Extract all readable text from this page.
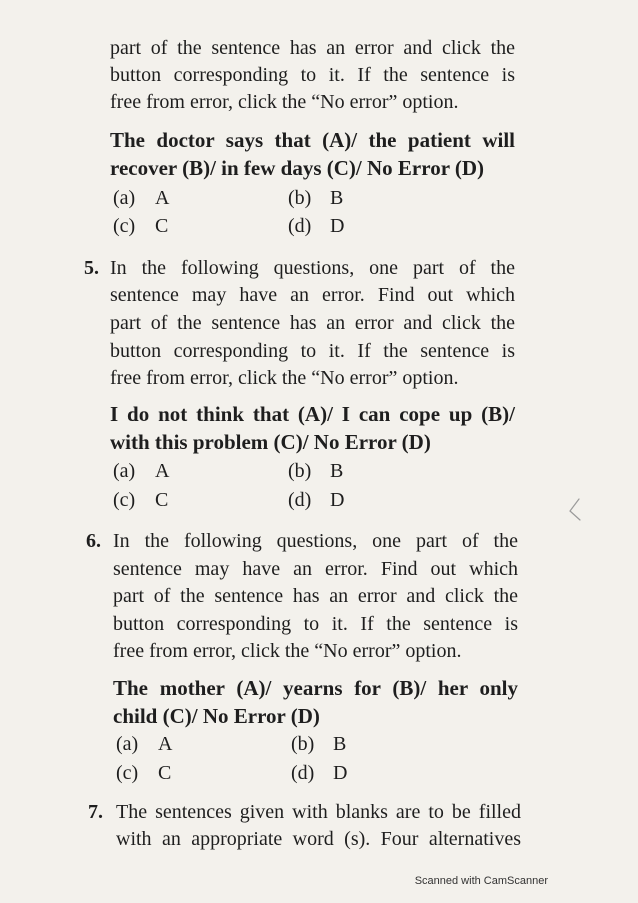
part of the sentence has an error and click the
button corresponding to it. If the sentence is
free from error, click the “No error” option.
The doctor says that (A)/ the patient will
recover (B)/ in few days (C)/ No Error (D)
(a) A	(b) B
(c) C	(d) D
5. In the following questions, one part of the
sentence may have an error. Find out which
part of the sentence has an error and click the
button corresponding to it. If the sentence is
free from error, click the “No error” option.
I do not think that (A)/ I can cope up (B)/
with this problem (C)/ No Error (D)
(a) A	(b) B
(c) C	(d) D
6. In the following questions, one part of the
sentence may have an error. Find out which
part of the sentence has an error and click the
button corresponding to it. If the sentence is
free from error, click the “No error” option.
The mother (A)/ yearns for (B)/ her only
child (C)/ No Error (D)
(a) A	(b) B
(c) C	(d) D
7. The sentences given with blanks are to be filled
with an appropriate word (s). Four alternatives
Scanned with CamScanner
